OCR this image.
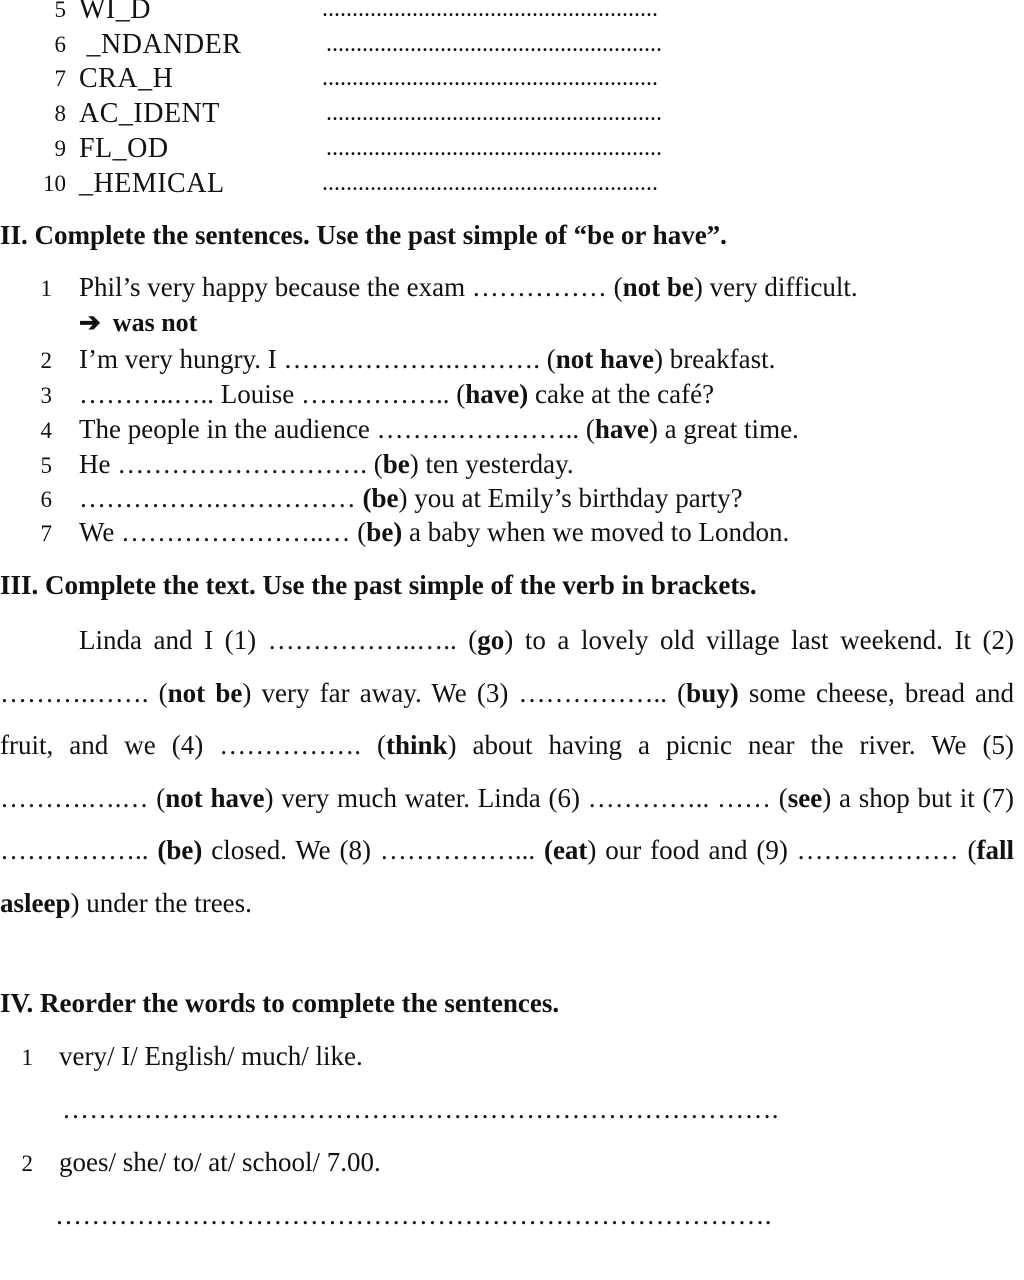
5 WI_D	........................................................
6 _NDANDER	........................................................
7 CRA_H	........................................................
8 AC_IDENT	........................................................
9 FL_OD	........................................................
10 _HEMICAL	........................................................
II. Complete the sentences. Use the past simple of “be or have”.
1 Phil’s very happy because the exam …………… (not be) very difficult.
➔ was not
2 I’m very hungry. I ……………….………. (not have) breakfast.
3 ………..….. Louise …………….. (have) cake at the café?
4 The people in the audience ………………….. (have) a great time.
5 He ………………………. (be) ten yesterday.
6 …………….…………… (be) you at Emily’s birthday party?
7 We …………………..… (be) a baby when we moved to London.
III. Complete the text. Use the past simple of the verb in brackets.
Linda and I (1) ……………..….. (go) to a lovely old village last weekend. It (2) ……….……. (not be) very far away. We (3) …………….. (buy) some cheese, bread and fruit, and we (4) ……………. (think) about having a picnic near the river. We (5) ……….….… (not have) very much water. Linda (6) ………….. …… (see) a shop but it (7) …………….. (be) closed. We (8) ……………... (eat) our food and (9) ……………… (fall asleep) under the trees.
IV. Reorder the words to complete the sentences.
1 very/ I/ English/ much/ like.
…………………………………………………………………….
2 goes/ she/ to/ at/ school/ 7.00.
…………………………………………………………………….
